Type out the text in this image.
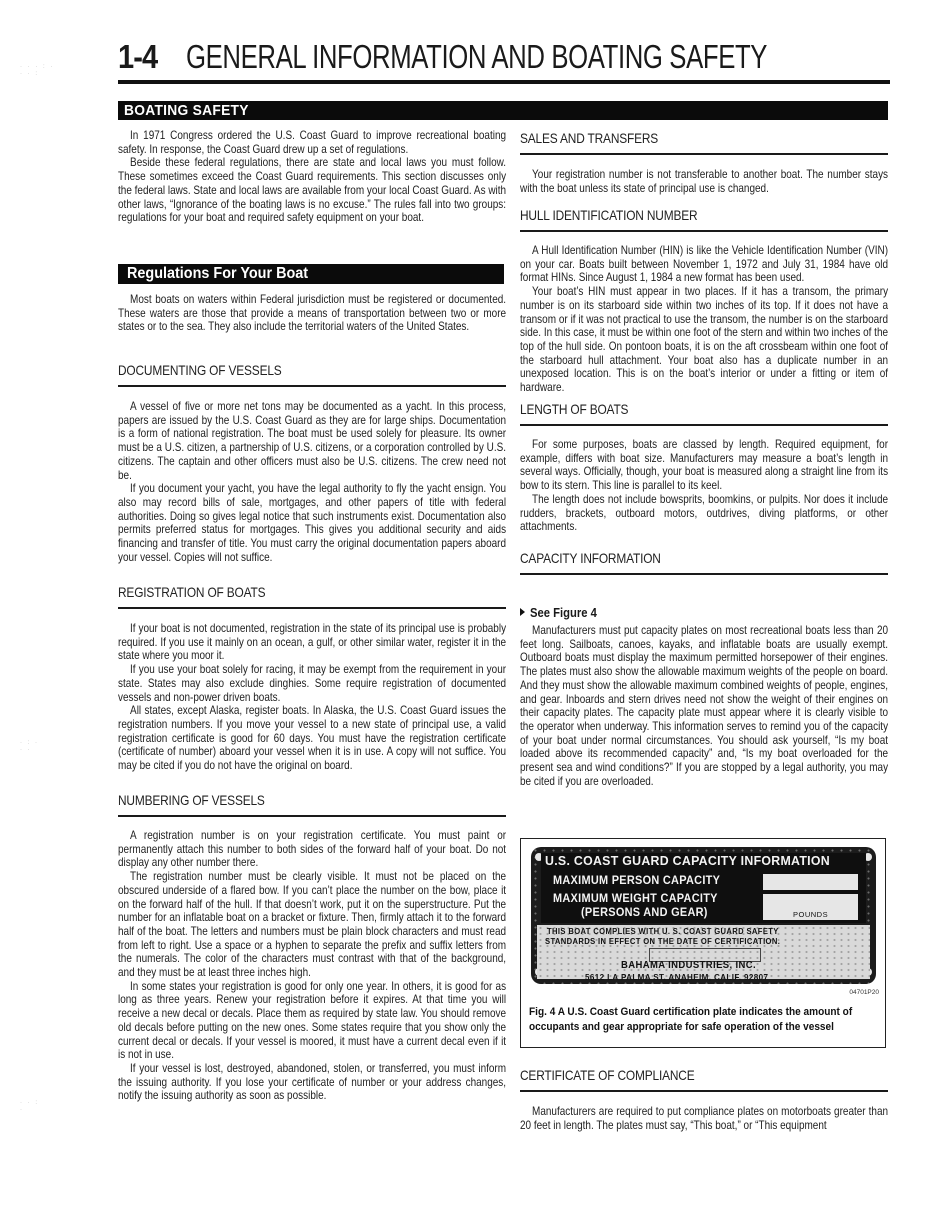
1-4 GENERAL INFORMATION AND BOATING SAFETY
· · · : ·
· · :
· : ·
· ·
· · :
·
BOATING SAFETY

In 1971 Congress ordered the U.S. Coast Guard to improve recreational boating safety. In response, the Coast Guard drew up a set of regulations.

Beside these federal regulations, there are state and local laws you must follow. These sometimes exceed the Coast Guard requirements. This section discusses only the federal laws. State and local laws are available from your local Coast Guard. As with other laws, “Ignorance of the boating laws is no excuse.” The rules fall into two groups: regulations for your boat and required safety equipment on your boat.

Regulations For Your Boat

Most boats on waters within Federal jurisdiction must be registered or documented. These waters are those that provide a means of transportation between two or more states or to the sea. They also include the territorial waters of the United States.

DOCUMENTING OF VESSELS

A vessel of five or more net tons may be documented as a yacht. In this process, papers are issued by the U.S. Coast Guard as they are for large ships. Documentation is a form of national registration. The boat must be used solely for pleasure. Its owner must be a U.S. citizen, a partnership of U.S. citizens, or a corporation controlled by U.S. citizens. The captain and other officers must also be U.S. citizens. The crew need not be.

If you document your yacht, you have the legal authority to fly the yacht ensign. You also may record bills of sale, mortgages, and other papers of title with federal authorities. Doing so gives legal notice that such instruments exist. Documentation also permits preferred status for mortgages. This gives you additional security and aids financing and transfer of title. You must carry the original documentation papers aboard your vessel. Copies will not suffice.

REGISTRATION OF BOATS

If your boat is not documented, registration in the state of its principal use is probably required. If you use it mainly on an ocean, a gulf, or other similar water, register it in the state where you moor it.

If you use your boat solely for racing, it may be exempt from the requirement in your state. States may also exclude dinghies. Some require registration of documented vessels and non-power driven boats.

All states, except Alaska, register boats. In Alaska, the U.S. Coast Guard issues the registration numbers. If you move your vessel to a new state of principal use, a valid registration certificate is good for 60 days. You must have the registration certificate (certificate of number) aboard your vessel when it is in use. A copy will not suffice. You may be cited if you do not have the original on board.

NUMBERING OF VESSELS

A registration number is on your registration certificate. You must paint or permanently attach this number to both sides of the forward half of your boat. Do not display any other number there.

The registration number must be clearly visible. It must not be placed on the obscured underside of a flared bow. If you can’t place the number on the bow, place it on the forward half of the hull. If that doesn’t work, put it on the superstructure. Put the number for an inflatable boat on a bracket or fixture. Then, firmly attach it to the forward half of the boat. The letters and numbers must be plain block characters and must read from left to right. Use a space or a hyphen to separate the prefix and suffix letters from the numerals. The color of the characters must contrast with that of the background, and they must be at least three inches high.

In some states your registration is good for only one year. In others, it is good for as long as three years. Renew your registration before it expires. At that time you will receive a new decal or decals. Place them as required by state law. You should remove old decals before putting on the new ones. Some states require that you show only the current decal or decals. If your vessel is moored, it must have a current decal even if it is not in use.

If your vessel is lost, destroyed, abandoned, stolen, or transferred, you must inform the issuing authority. If you lose your certificate of number or your address changes, notify the issuing authority as soon as possible.

SALES AND TRANSFERS

Your registration number is not transferable to another boat. The number stays with the boat unless its state of principal use is changed.

HULL IDENTIFICATION NUMBER

A Hull Identification Number (HIN) is like the Vehicle Identification Number (VIN) on your car. Boats built between November 1, 1972 and July 31, 1984 have old format HINs. Since August 1, 1984 a new format has been used.

Your boat’s HIN must appear in two places. If it has a transom, the primary number is on its starboard side within two inches of its top. If it does not have a transom or if it was not practical to use the transom, the number is on the starboard side. In this case, it must be within one foot of the stern and within two inches of the top of the hull side. On pontoon boats, it is on the aft crossbeam within one foot of the starboard hull attachment. Your boat also has a duplicate number in an unexposed location. This is on the boat’s interior or under a fitting or item of hardware.

LENGTH OF BOATS

For some purposes, boats are classed by length. Required equipment, for example, differs with boat size. Manufacturers may measure a boat’s length in several ways. Officially, though, your boat is measured along a straight line from its bow to its stern. This line is parallel to its keel.

The length does not include bowsprits, boomkins, or pulpits. Nor does it include rudders, brackets, outboard motors, outdrives, diving platforms, or other attachments.

CAPACITY INFORMATION
See Figure 4

Manufacturers must put capacity plates on most recreational boats less than 20 feet long. Sailboats, canoes, kayaks, and inflatable boats are usually exempt. Outboard boats must display the maximum permitted horsepower of their engines. The plates must also show the allowable maximum weights of the people on board. And they must show the allowable maximum combined weights of people, engines, and gear. Inboards and stern drives need not show the weight of their engines on their capacity plates. The capacity plate must appear where it is clearly visible to the operator when underway. This information serves to remind you of the capacity of your boat under normal circumstances. You should ask yourself, “Is my boat loaded above its recommended capacity” and, “Is my boat overloaded for the present sea and wind conditions?” If you are stopped by a legal authority, you may be cited if you are overloaded.

U.S. COAST GUARD CAPACITY INFORMATION
MAXIMUM PERSON CAPACITY
MAXIMUM WEIGHT CAPACITY
(PERSONS AND GEAR)	POUNDS
THIS BOAT COMPLIES WITH U. S. COAST GUARD SAFETY
STANDARDS IN EFFECT ON THE DATE OF CERTIFICATION.
BAHAMA INDUSTRIES, INC.
5612 LA PALMA ST. ANAHEIM, CALIF. 92807
04701P20
Fig. 4 A U.S. Coast Guard certification plate indicates the amount of occupants and gear appropriate for safe operation of the vessel
CERTIFICATE OF COMPLIANCE

Manufacturers are required to put compliance plates on motorboats greater than 20 feet in length. The plates must say, “This boat,” or “This equipment
